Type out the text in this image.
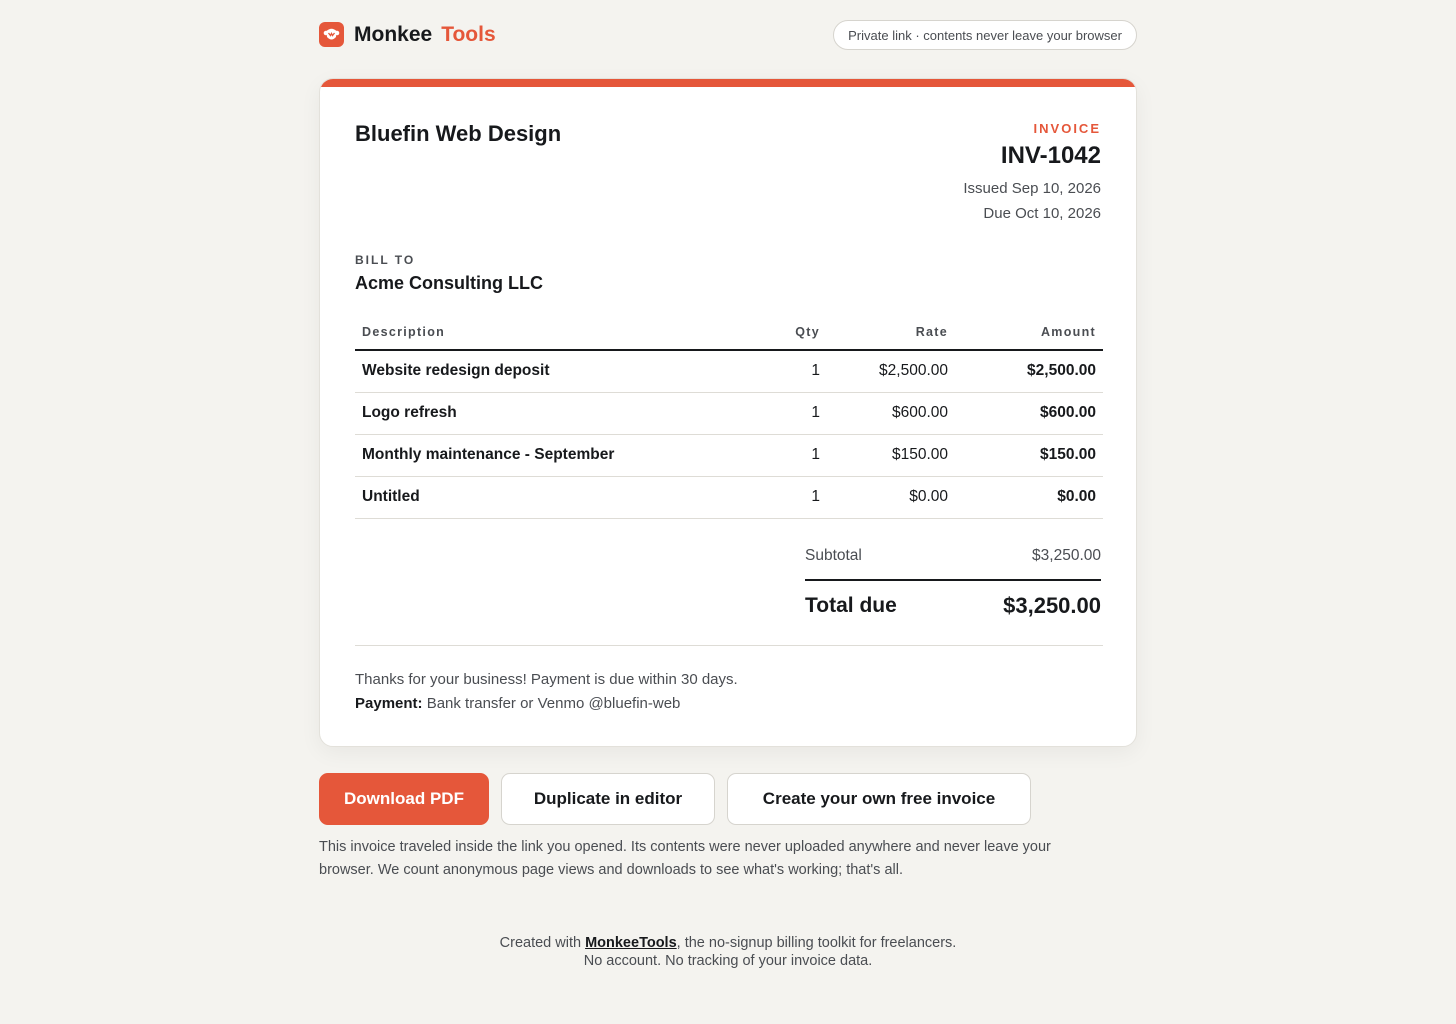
Monkee Tools	Private link · contents never leave your browser
Bluefin Web Design	INVOICE
INV-1042
Issued Sep 10, 2026
Due Oct 10, 2026
BILL TO
Acme Consulting LLC
Description	Qty	Rate	Amount
Website redesign deposit	1	$2,500.00	$2,500.00
Logo refresh	1	$600.00	$600.00
Monthly maintenance - September	1	$150.00	$150.00
Untitled	1	$0.00	$0.00
Subtotal	$3,250.00
Total due	$3,250.00
Thanks for your business! Payment is due within 30 days.
Payment: Bank transfer or Venmo @bluefin-web
Download PDF	Duplicate in editor	Create your own free invoice

This invoice traveled inside the link you opened. Its contents were never uploaded anywhere and never leave your browser. We count anonymous page views and downloads to see what's working; that's all.

Created with MonkeeTools, the no-signup billing toolkit for freelancers.
No account. No tracking of your invoice data.
